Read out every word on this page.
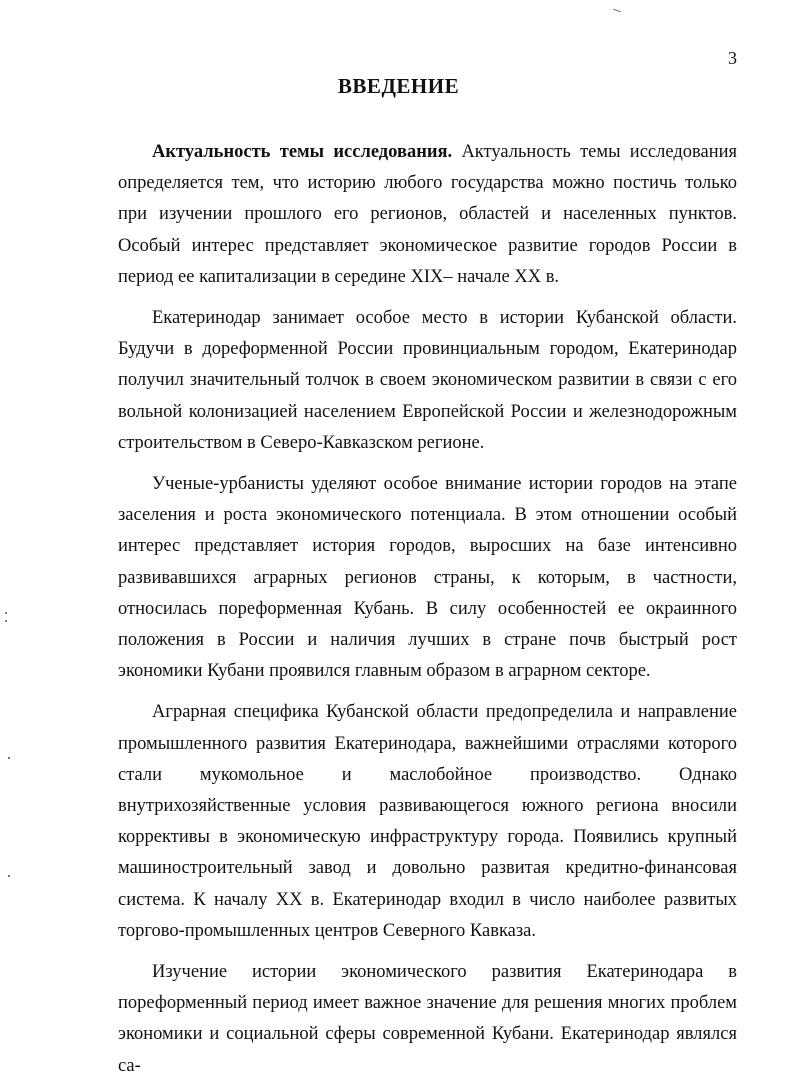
3
ВВЕДЕНИЕ

Актуальность темы исследования. Актуальность темы исследования определяется тем, что историю любого государства можно постичь только при изучении прошлого его регионов, областей и населенных пунктов. Особый интерес представляет экономическое развитие городов России в период ее капитализации в середине XIX– начале XX в.

Екатеринодар занимает особое место в истории Кубанской области. Будучи в дореформенной России провинциальным городом, Екатеринодар получил значительный толчок в своем экономическом развитии в связи с его вольной колонизацией населением Европейской России и железнодорожным строительством в Северо-Кавказском регионе.

Ученые-урбанисты уделяют особое внимание истории городов на этапе заселения и роста экономического потенциала. В этом отношении особый интерес представляет история городов, выросших на базе интенсивно развивавшихся аграрных регионов страны, к которым, в частности, относилась пореформенная Кубань. В силу особенностей ее окраинного положения в России и наличия лучших в стране почв быстрый рост экономики Кубани проявился главным образом в аграрном секторе.

Аграрная специфика Кубанской области предопределила и направление промышленного развития Екатеринодара, важнейшими отраслями которого стали мукомольное и маслобойное производство. Однако внутрихозяйственные условия развивающегося южного региона вносили коррективы в экономическую инфраструктуру города. Появились крупный машиностроительный завод и довольно развитая кредитно-финансовая система. К началу XX в. Екатеринодар входил в число наиболее развитых торгово-промышленных центров Северного Кавказа.

Изучение истории экономического развития Екатеринодара в пореформенный период имеет важное значение для решения многих проблем экономики и социальной сферы современной Кубани. Екатеринодар являлся са-
